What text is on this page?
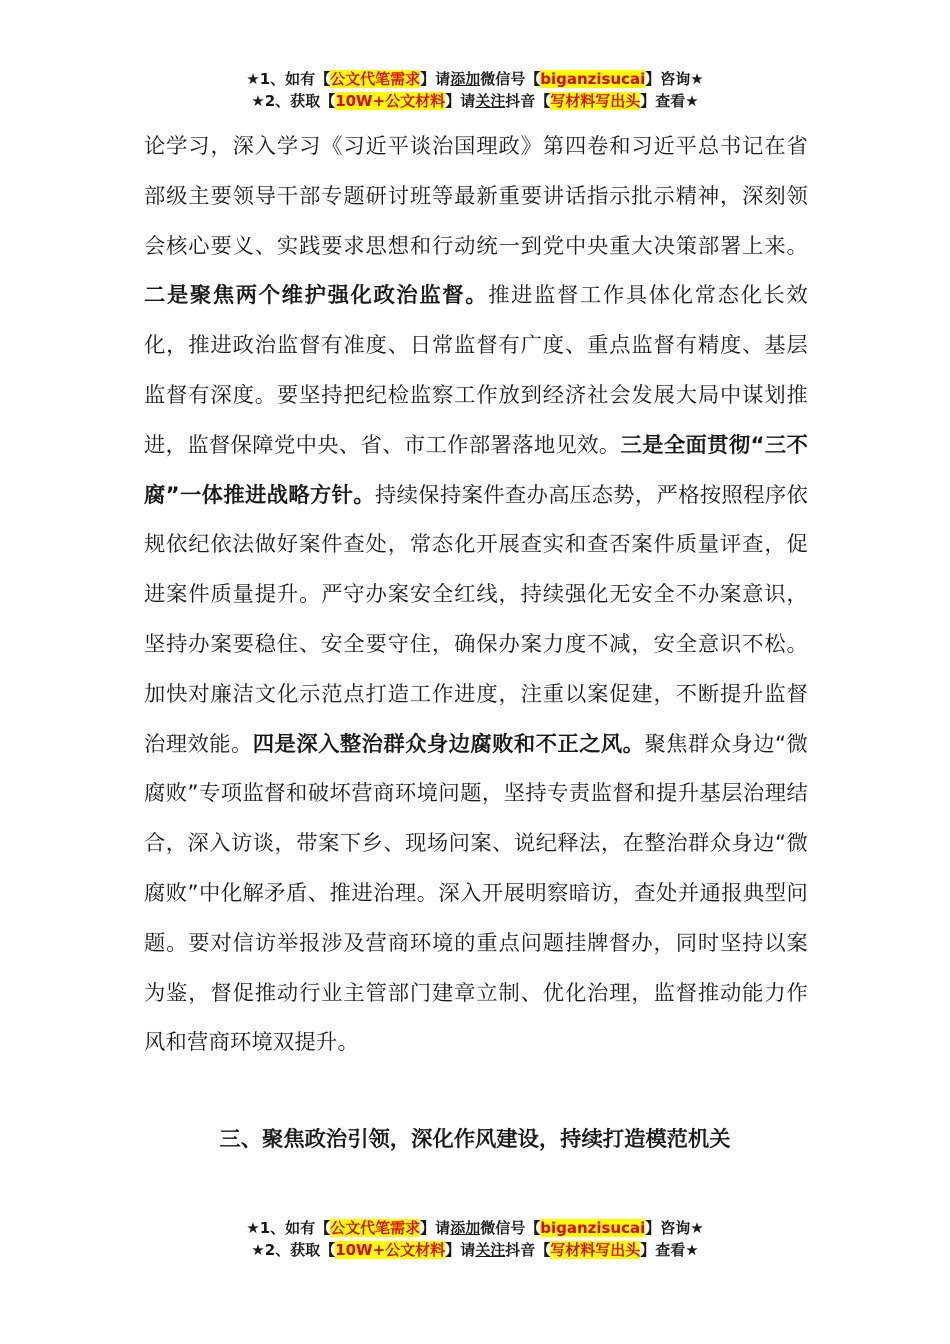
★1、如有【公文代笔需求】请添加微信号【biganzisucai】咨询★
★2、获取【10W+公文材料】请关注抖音【写材料写出头】查看★
论学习，深入学习《习近平谈治国理政》第四卷和习近平总书记在省部级主要领导干部专题研讨班等最新重要讲话指示批示精神，深刻领会核心要义、实践要求思想和行动统一到党中央重大决策部署上来。二是聚焦两个维护强化政治监督。推进监督工作具体化常态化长效化，推进政治监督有准度、日常监督有广度、重点监督有精度、基层监督有深度。要坚持把纪检监察工作放到经济社会发展大局中谋划推进，监督保障党中央、省、市工作部署落地见效。三是全面贯彻“三不腐”一体推进战略方针。持续保持案件查办高压态势，严格按照程序依规依纪依法做好案件查处，常态化开展查实和查否案件质量评查，促进案件质量提升。严守办案安全红线，持续强化无安全不办案意识，坚持办案要稳住、安全要守住，确保办案力度不减，安全意识不松。加快对廉洁文化示范点打造工作进度，注重以案促建，不断提升监督治理效能。四是深入整治群众身边腐败和不正之风。聚焦群众身边“微腐败”专项监督和破坏营商环境问题，坚持专责监督和提升基层治理结合，深入访谈，带案下乡、现场问案、说纪释法，在整治群众身边“微腐败”中化解矛盾、推进治理。深入开展明察暗访，查处并通报典型问题。要对信访举报涉及营商环境的重点问题挂牌督办，同时坚持以案为鉴，督促推动行业主管部门建章立制、优化治理，监督推动能力作风和营商环境双提升。
三、聚焦政治引领，深化作风建设，持续打造模范机关
★1、如有【公文代笔需求】请添加微信号【biganzisucai】咨询★
★2、获取【10W+公文材料】请关注抖音【写材料写出头】查看★
